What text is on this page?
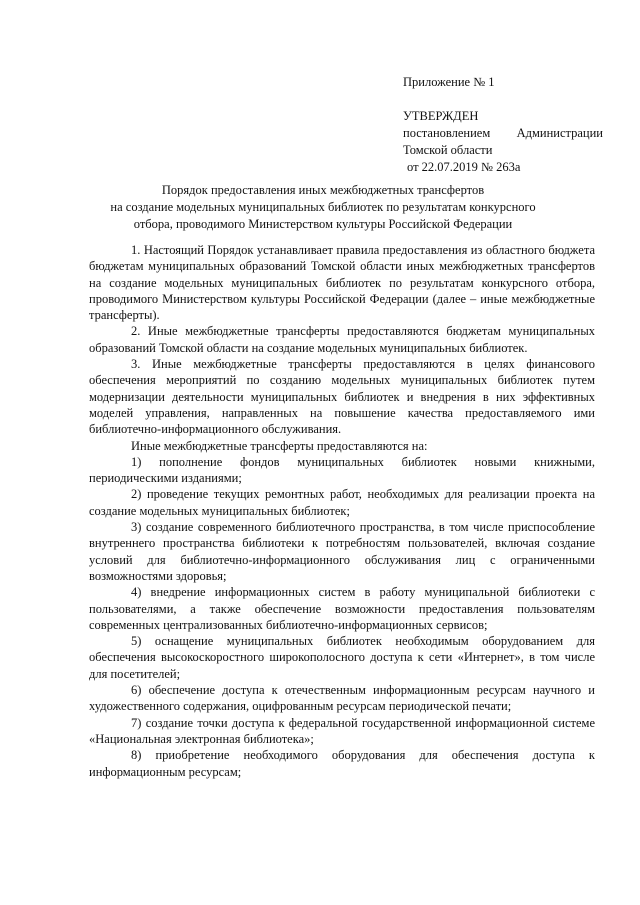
Приложение № 1
УТВЕРЖДЕН
постановлением Администрации
Томской области
от 22.07.2019 № 263а
Порядок предоставления иных межбюджетных трансфертов
на создание модельных муниципальных библиотек по результатам конкурсного
отбора, проводимого Министерством культуры Российской Федерации

1. Настоящий Порядок устанавливает правила предоставления из областного бюджета бюджетам муниципальных образований Томской области иных межбюджетных трансфертов на создание модельных муниципальных библиотек по результатам конкурсного отбора, проводимого Министерством культуры Российской Федерации (далее – иные межбюджетные трансферты).

2. Иные межбюджетные трансферты предоставляются бюджетам муниципальных образований Томской области на создание модельных муниципальных библиотек.

3. Иные межбюджетные трансферты предоставляются в целях финансового обеспечения мероприятий по созданию модельных муниципальных библиотек путем модернизации деятельности муниципальных библиотек и внедрения в них эффективных моделей управления, направленных на повышение качества предоставляемого ими библиотечно-информационного обслуживания.

Иные межбюджетные трансферты предоставляются на:

1) пополнение фондов муниципальных библиотек новыми книжными, периодическими изданиями;

2) проведение текущих ремонтных работ, необходимых для реализации проекта на создание модельных муниципальных библиотек;

3) создание современного библиотечного пространства, в том числе приспособление внутреннего пространства библиотеки к потребностям пользователей, включая создание условий для библиотечно-информационного обслуживания лиц с ограниченными возможностями здоровья;

4) внедрение информационных систем в работу муниципальной библиотеки с пользователями, а также обеспечение возможности предоставления пользователям современных централизованных библиотечно-информационных сервисов;

5) оснащение муниципальных библиотек необходимым оборудованием для обеспечения высокоскоростного широкополосного доступа к сети «Интернет», в том числе для посетителей;

6) обеспечение доступа к отечественным информационным ресурсам научного и художественного содержания, оцифрованным ресурсам периодической печати;

7) создание точки доступа к федеральной государственной информационной системе «Национальная электронная библиотека»;

8) приобретение необходимого оборудования для обеспечения доступа к информационным ресурсам;
